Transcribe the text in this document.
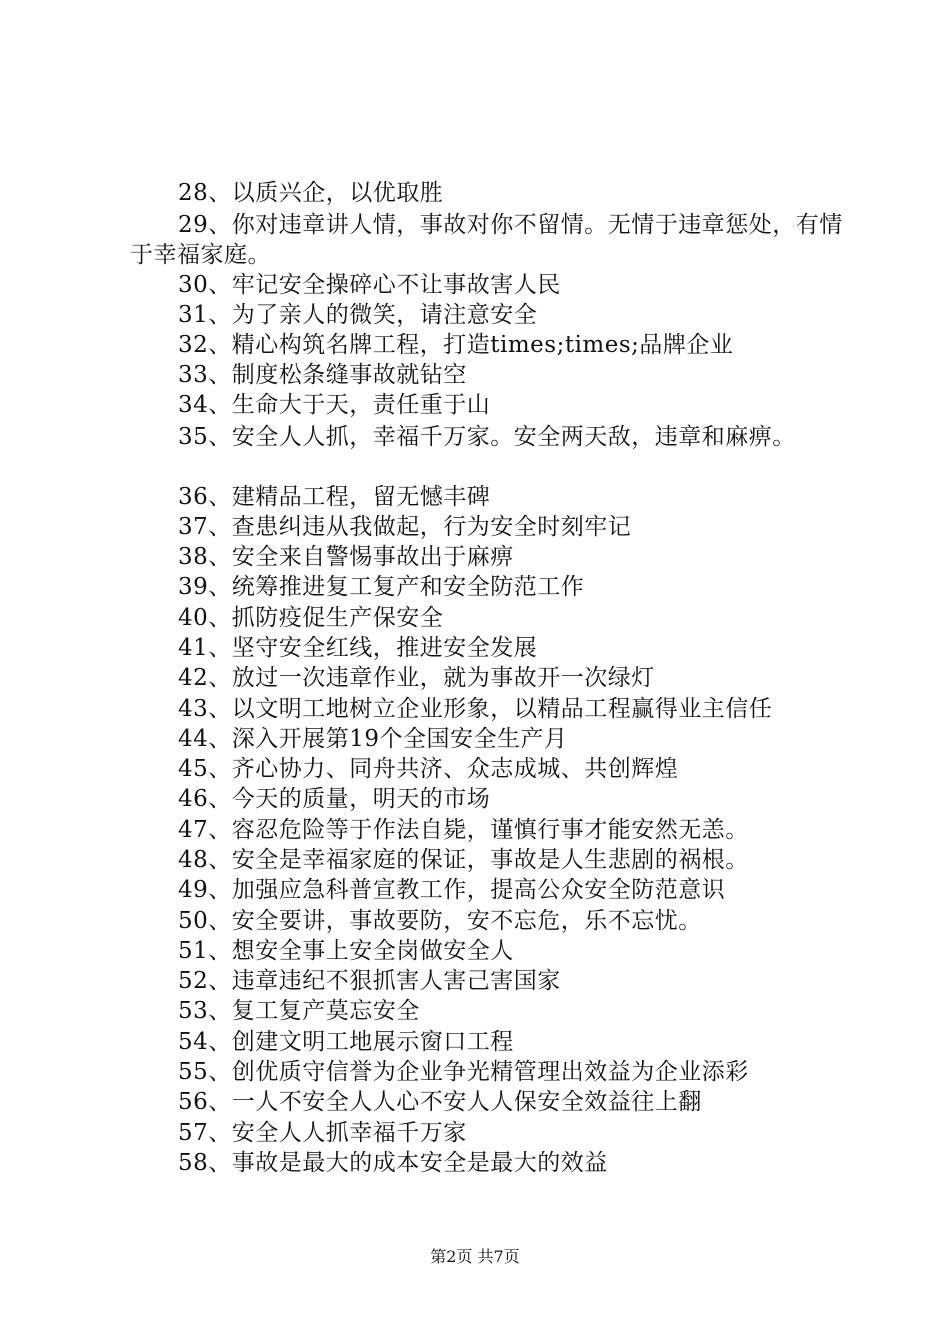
28、以质兴企，以优取胜
29、你对违章讲人情，事故对你不留情。无情于违章惩处，有情于幸福家庭。
30、牢记安全操碎心不让事故害人民
31、为了亲人的微笑，请注意安全
32、精心构筑名牌工程，打造times;times;品牌企业
33、制度松条缝事故就钻空
34、生命大于天，责任重于山
35、安全人人抓，幸福千万家。安全两天敌，违章和麻痹。
36、建精品工程，留无憾丰碑
37、查患纠违从我做起，行为安全时刻牢记
38、安全来自警惕事故出于麻痹
39、统筹推进复工复产和安全防范工作
40、抓防疫促生产保安全
41、坚守安全红线，推进安全发展
42、放过一次违章作业，就为事故开一次绿灯
43、以文明工地树立企业形象，以精品工程赢得业主信任
44、深入开展第19个全国安全生产月
45、齐心协力、同舟共济、众志成城、共创辉煌
46、今天的质量，明天的市场
47、容忍危险等于作法自毙，谨慎行事才能安然无恙。
48、安全是幸福家庭的保证，事故是人生悲剧的祸根。
49、加强应急科普宣教工作，提高公众安全防范意识
50、安全要讲，事故要防，安不忘危，乐不忘忧。
51、想安全事上安全岗做安全人
52、违章违纪不狠抓害人害己害国家
53、复工复产莫忘安全
54、创建文明工地展示窗口工程
55、创优质守信誉为企业争光精管理出效益为企业添彩
56、一人不安全人人心不安人人保安全效益往上翻
57、安全人人抓幸福千万家
58、事故是最大的成本安全是最大的效益
第2页 共7页
